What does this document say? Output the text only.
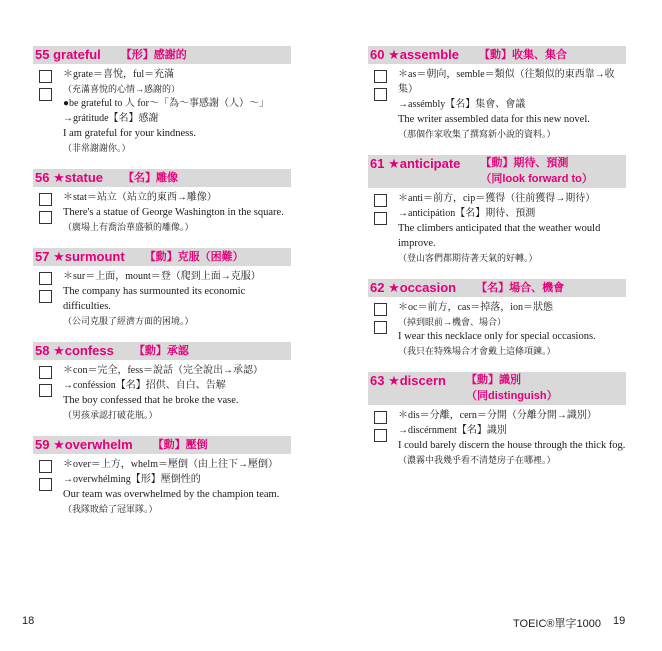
55 grateful 【形】感謝的
＊grate＝喜悅，ful＝充滿
（充滿喜悅的心情→感謝的）
●be grateful to 人 for～「為～事感謝（人）～」
→grátitude【名】感謝
I am grateful for your kindness.
（非常謝謝你。）
56 ★statue 【名】雕像
＊stat＝站立（站立的東西→雕像）
There's a statue of George Washington in the square.
（廣場上有喬治華盛頓的雕像。）
57 ★surmount 【動】克服（困難）
＊sur＝上面，mount＝登（爬到上面→克服）
The company has surmounted its economic difficulties.
（公司克服了經濟方面的困境。）
58 ★confess 【動】承認
＊con＝完全，fess＝說話（完全說出→承認）
→conféssion【名】招供、自白、告解
The boy confessed that he broke the vase.
（男孩承認打破花瓶。）
59 ★overwhelm 【動】壓倒
＊over＝上方，whelm＝壓倒（由上往下→壓倒）
→overwhélming【形】壓倒性的
Our team was overwhelmed by the champion team.
（我隊敗給了冠軍隊。）
60 ★assemble 【動】收集、集合
＊as＝朝向，semble＝類似（往類似的東西靠→收集）
→assémbly【名】集會、會議
The writer assembled data for this new novel.
（那個作家收集了撰寫新小說的資料。）
61 ★anticipate 【動】期待、預測
（同look forward to）
＊anti＝前方，cip＝獲得（往前獲得→期待）
→anticipátion【名】期待、預測
The climbers anticipated that the weather would improve.
（登山客們都期待著天氣的好轉。）
62 ★occasion 【名】場合、機會
＊oc＝前方，cas＝掉落，ion＝狀態
（掉到眼前→機會、場合）
I wear this necklace only for special occasions.
（我只在特殊場合才會戴上這條項鍊。）
63 ★discern 【動】識別
（同distinguish）
＊dis＝分離，cern＝分開（分離分開→識別）
→discérnment【名】識別
I could barely discern the house through the thick fog.
（濃霧中我幾乎看不清楚房子在哪裡。）
18	TOEIC®單字1000 19
